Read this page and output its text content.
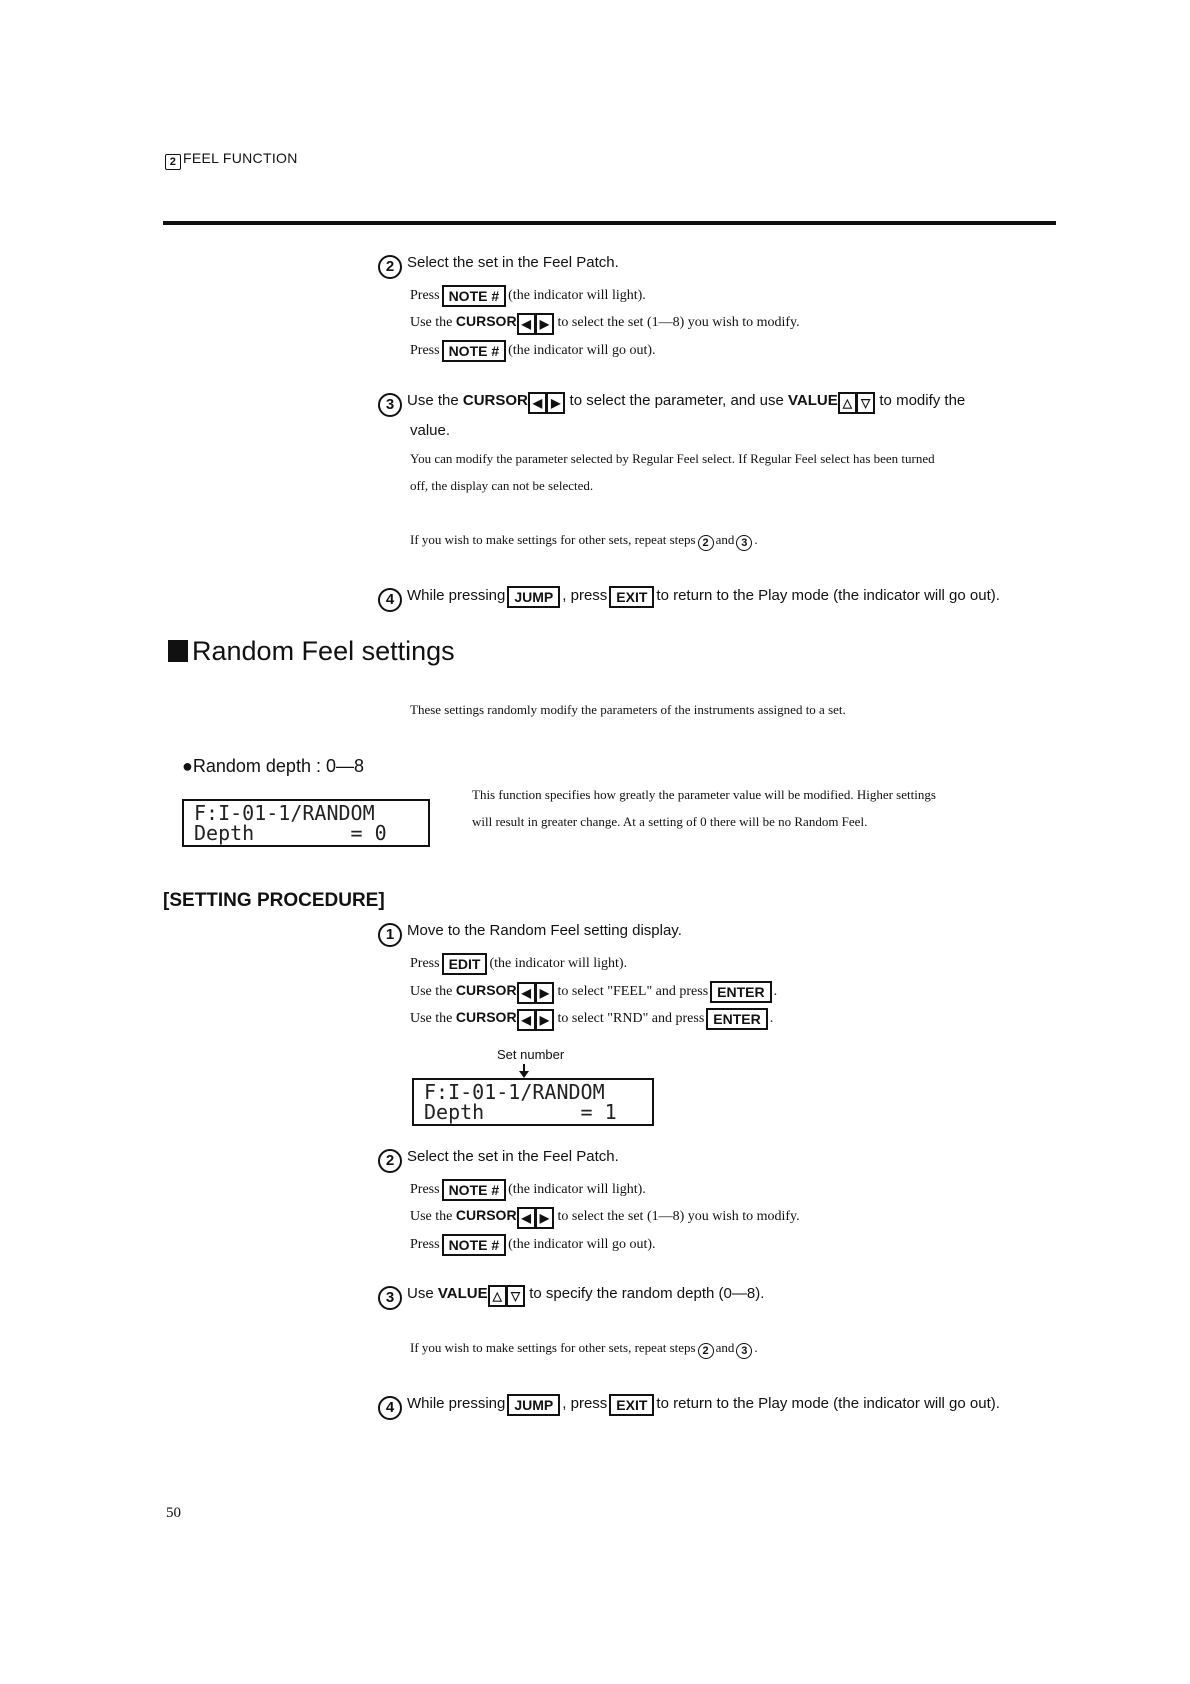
2 FEEL FUNCTION
2 Select the set in the Feel Patch.
Press NOTE # (the indicator will light).
Use the CURSOR ◀ ▶ to select the set (1—8) you wish to modify.
Press NOTE # (the indicator will go out).
3 Use the CURSOR ◀ ▶ to select the parameter, and use VALUE △ ▽ to modify the
value.
You can modify the parameter selected by Regular Feel select. If Regular Feel select has been turned
off, the display can not be selected.
If you wish to make settings for other sets, repeat steps 2 and 3 .
4 While pressing JUMP , press EXIT to return to the Play mode (the indicator will go out).
Random Feel settings
These settings randomly modify the parameters of the instruments assigned to a set.
●Random depth : 0—8
F:I-01-1/RANDOM
Depth        = 0
This function specifies how greatly the parameter value will be modified. Higher settings
will result in greater change. At a setting of 0 there will be no Random Feel.
[SETTING PROCEDURE]
1 Move to the Random Feel setting display.
Press EDIT (the indicator will light).
Use the CURSOR ◀ ▶ to select "FEEL" and press ENTER .
Use the CURSOR ◀ ▶ to select "RND" and press ENTER .
Set number
F:I-01-1/RANDOM
Depth        = 1
2 Select the set in the Feel Patch.
Press NOTE # (the indicator will light).
Use the CURSOR ◀ ▶ to select the set (1—8) you wish to modify.
Press NOTE # (the indicator will go out).
3 Use VALUE △ ▽ to specify the random depth (0—8).
If you wish to make settings for other sets, repeat steps 2 and 3 .
4 While pressing JUMP , press EXIT to return to the Play mode (the indicator will go out).
50
